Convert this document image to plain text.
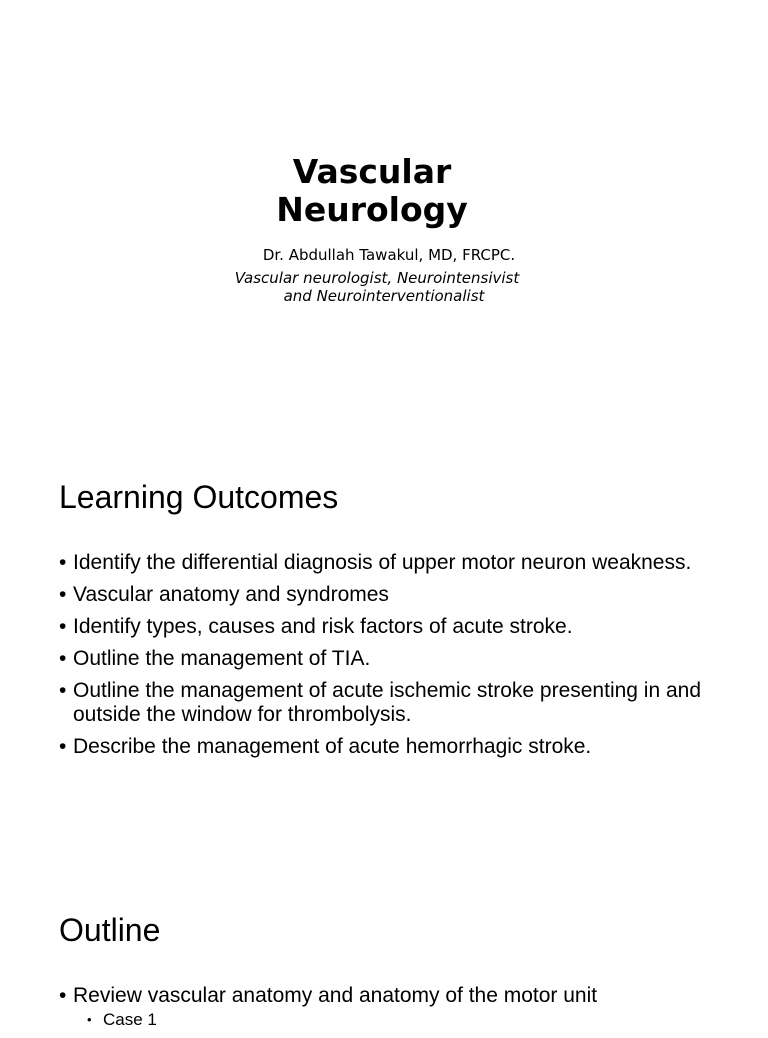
Vascular
Neurology
Dr. Abdullah Tawakul, MD, FRCPC.
Vascular neurologist, Neurointensivist
and Neurointerventionalist
Learning Outcomes
• Identify the differential diagnosis of upper motor neuron weakness.
• Vascular anatomy and syndromes
• Identify types, causes and risk factors of acute stroke.
• Outline the management of TIA.
• Outline the management of acute ischemic stroke presenting in and outside the window for thrombolysis.
• Describe the management of acute hemorrhagic stroke.
Outline
• Review vascular anatomy and anatomy of the motor unit
• Case 1
